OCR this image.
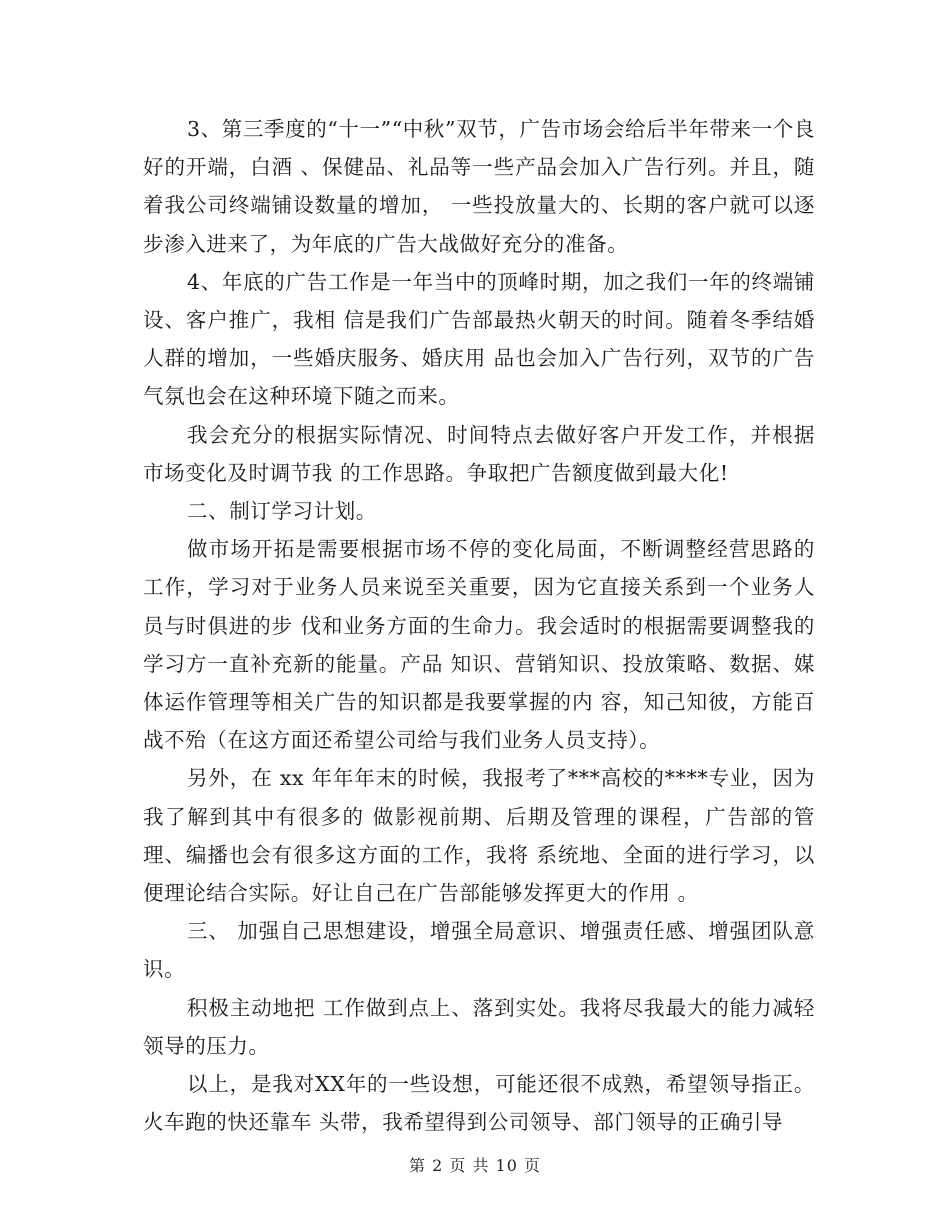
3、第三季度的“十一”“中秋”双节，广告市场会给后半年带来一个良好的开端，白酒 、保健品、礼品等一些产品会加入广告行列。并且，随着我公司终端铺设数量的增加， 一些投放量大的、长期的客户就可以逐步渗入进来了，为年底的广告大战做好充分的准备。

4、年底的广告工作是一年当中的顶峰时期，加之我们一年的终端铺设、客户推广，我相 信是我们广告部最热火朝天的时间。随着冬季结婚人群的增加，一些婚庆服务、婚庆用 品也会加入广告行列，双节的广告气氛也会在这种环境下随之而来。

我会充分的根据实际情况、时间特点去做好客户开发工作，并根据市场变化及时调节我 的工作思路。争取把广告额度做到最大化!

二、制订学习计划。

做市场开拓是需要根据市场不停的变化局面，不断调整经营思路的 工作，学习对于业务人员来说至关重要，因为它直接关系到一个业务人员与时俱进的步 伐和业务方面的生命力。我会适时的根据需要调整我的学习方一直补充新的能量。产品 知识、营销知识、投放策略、数据、媒体运作管理等相关广告的知识都是我要掌握的内 容，知己知彼，方能百战不殆（在这方面还希望公司给与我们业务人员支持）。

另外，在 xx 年年年末的时候，我报考了***高校的****专业，因为我了解到其中有很多的 做影视前期、后期及管理的课程，广告部的管理、编播也会有很多这方面的工作，我将 系统地、全面的进行学习，以便理论结合实际。好让自己在广告部能够发挥更大的作用 。

三、 加强自己思想建设，增强全局意识、增强责任感、增强团队意识。

积极主动地把 工作做到点上、落到实处。我将尽我最大的能力减轻领导的压力。

以上，是我对XX年的一些设想，可能还很不成熟，希望领导指正。火车跑的快还靠车 头带，我希望得到公司领导、部门领导的正确引导

第 2 页 共 10 页
